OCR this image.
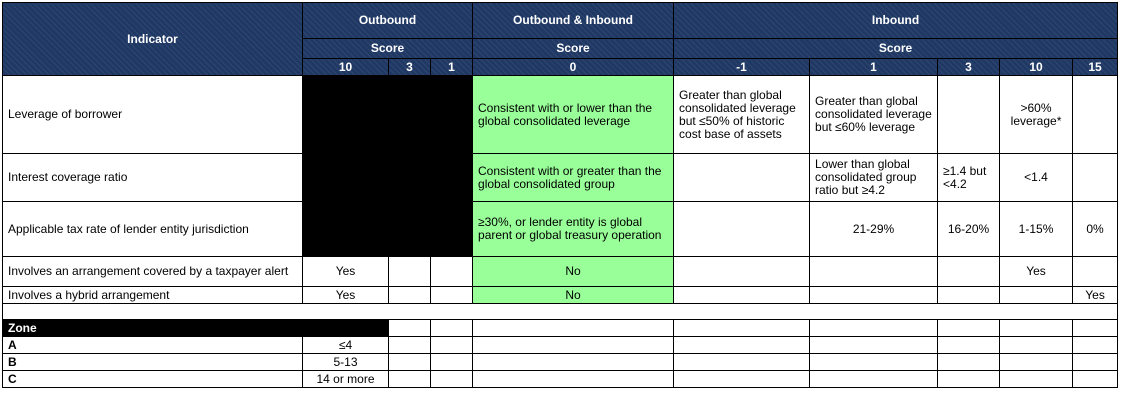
Indicator	Outbound			Outbound & Inbound	Inbound				
	Score			Score	Score				
	10	3	1	0	-1	1	3	10	15
Leverage of borrower				Consistent with or lower than the global consolidated leverage	Greater than global consolidated leverage but ≤50% of historic cost base of assets	Greater than global consolidated leverage but ≤60% leverage		>60% leverage*	
Interest coverage ratio				Consistent with or greater than the global consolidated group		Lower than global consolidated group ratio but ≥4.2	≥1.4 but <4.2	<1.4	
Applicable tax rate of lender entity jurisdiction				≥30%, or lender entity is global parent or global treasury operation		21-29%	16-20%	1-15%	0%
Involves an arrangement covered by a taxpayer alert	Yes			No				Yes	
Involves a hybrid arrangement	Yes			No					Yes

Zone									
A	≤4								
B	5-13								
C	14 or more								
